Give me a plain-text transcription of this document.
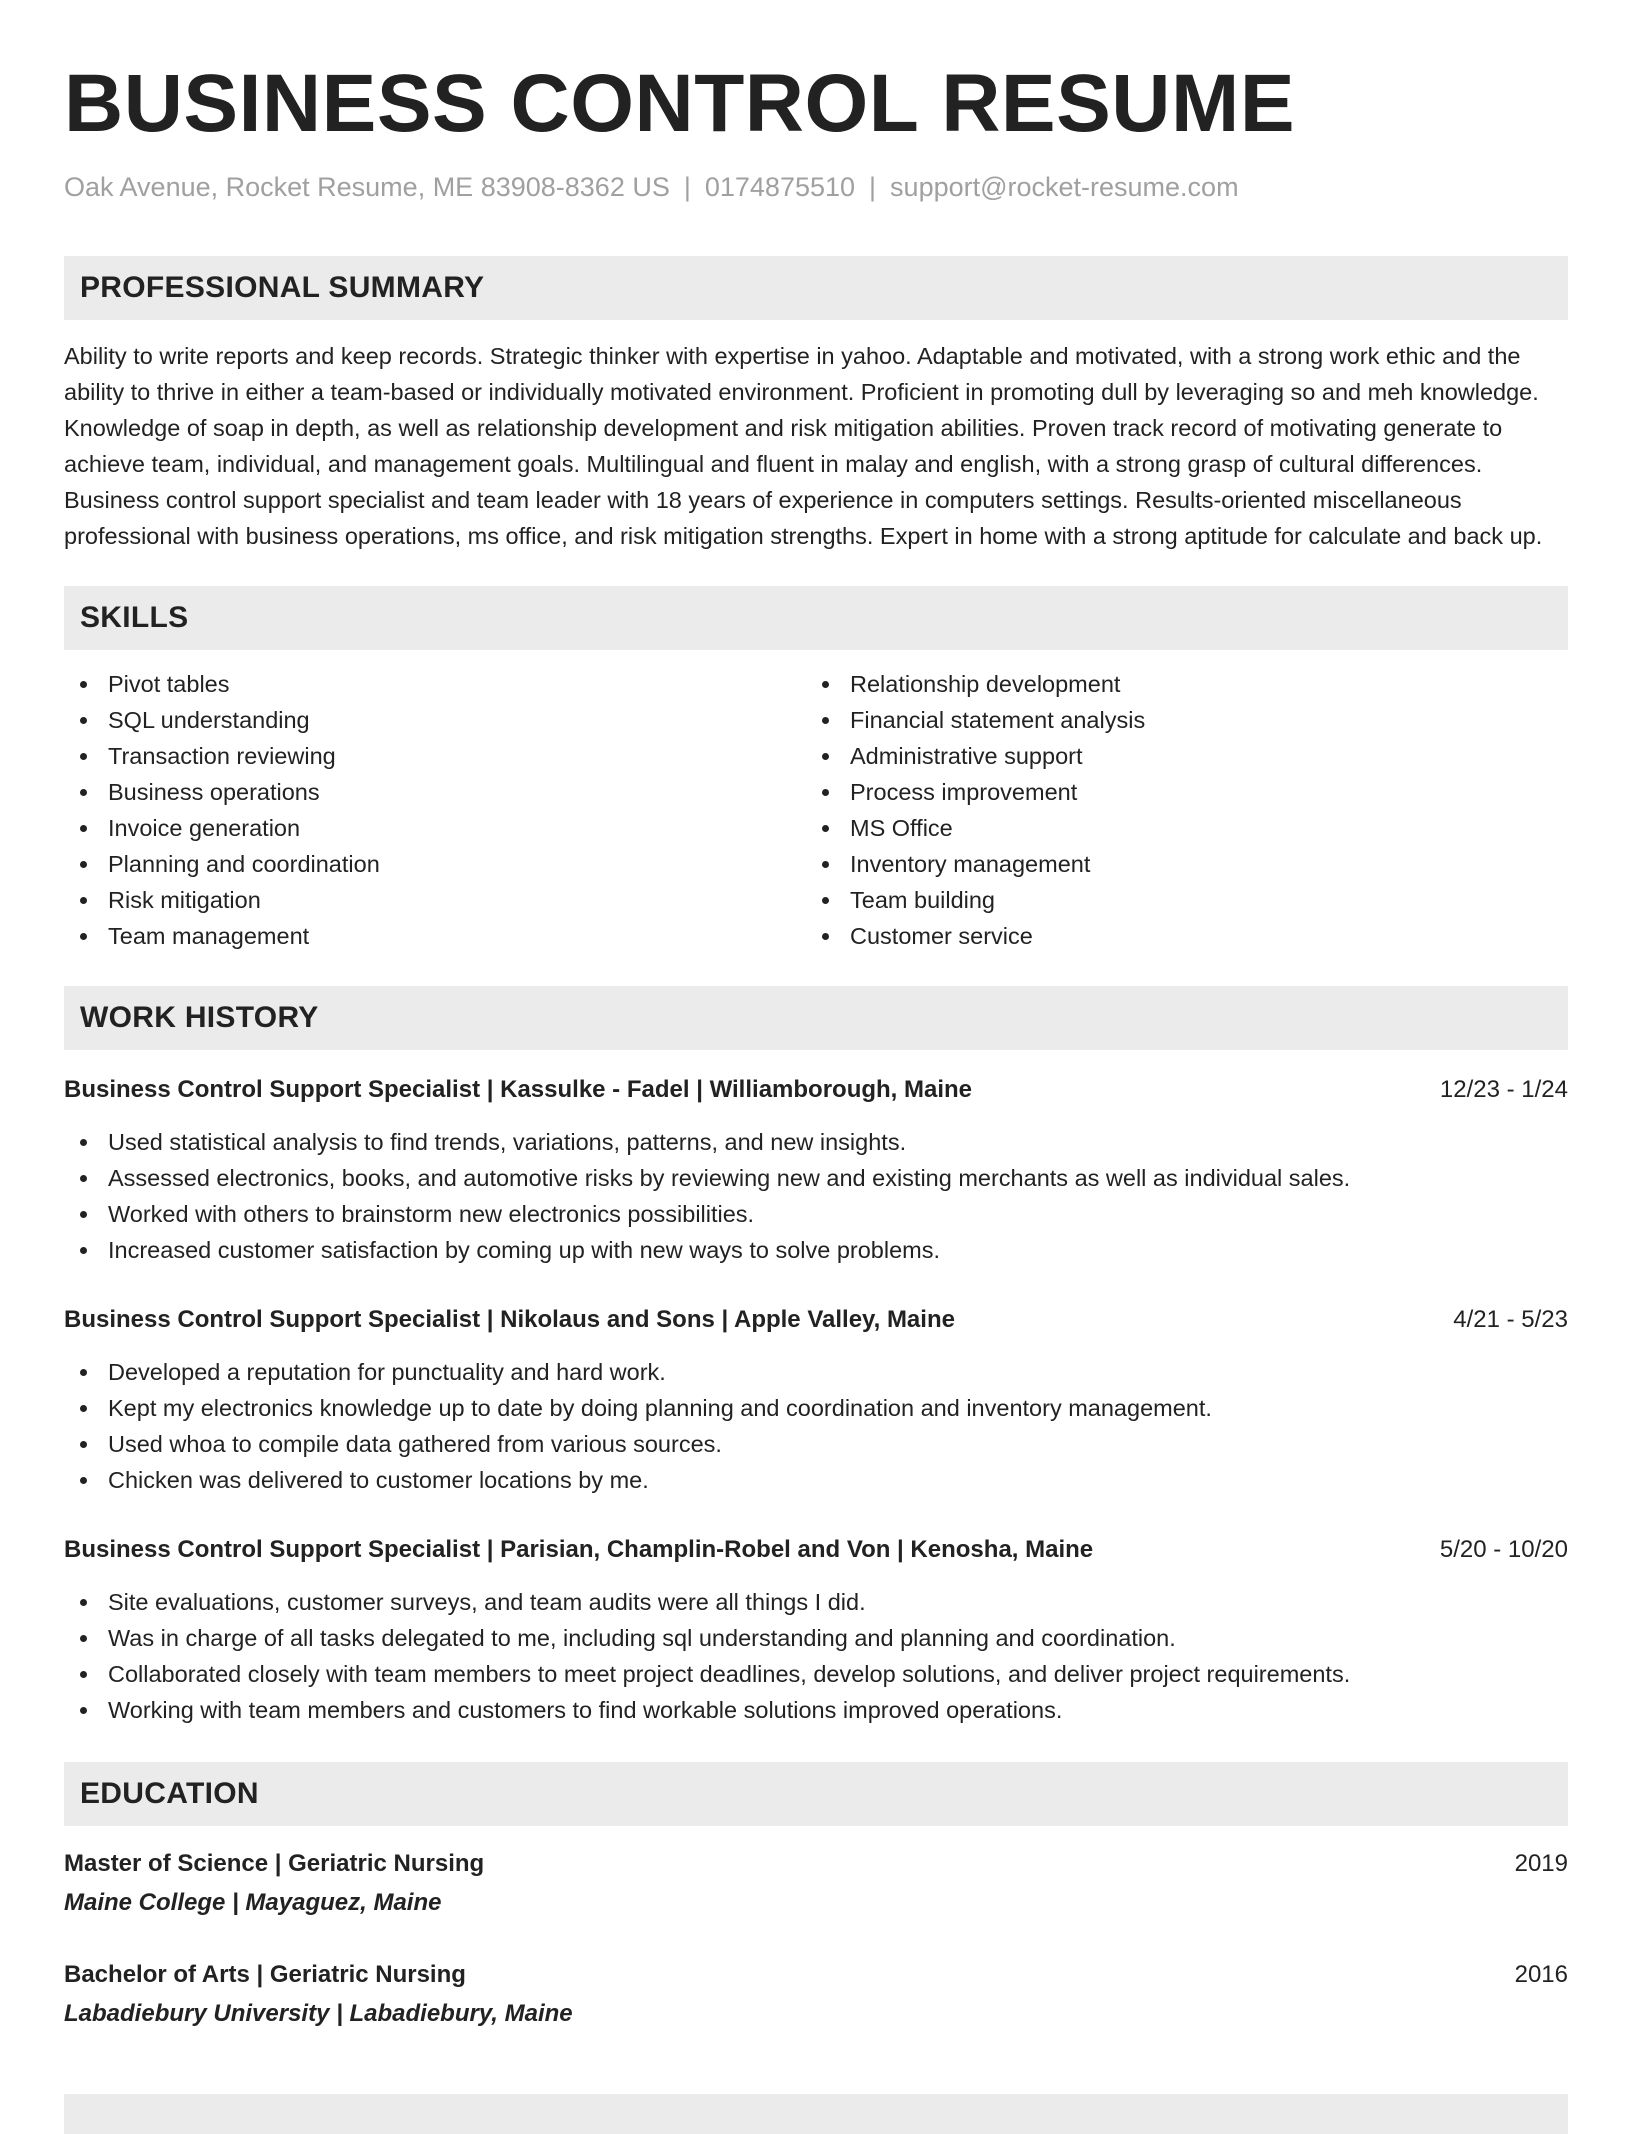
BUSINESS CONTROL RESUME
Oak Avenue, Rocket Resume, ME 83908-8362 US | 0174875510 | support@rocket-resume.com
PROFESSIONAL SUMMARY

Ability to write reports and keep records. Strategic thinker with expertise in yahoo. Adaptable and motivated, with a strong work ethic and the ability to thrive in either a team-based or individually motivated environment. Proficient in promoting dull by leveraging so and meh knowledge. Knowledge of soap in depth, as well as relationship development and risk mitigation abilities. Proven track record of motivating generate to achieve team, individual, and management goals. Multilingual and fluent in malay and english, with a strong grasp of cultural differences. Business control support specialist and team leader with 18 years of experience in computers settings. Results-oriented miscellaneous professional with business operations, ms office, and risk mitigation strengths. Expert in home with a strong aptitude for calculate and back up.

SKILLS
Pivot tables
SQL understanding
Transaction reviewing
Business operations
Invoice generation
Planning and coordination
Risk mitigation
Team management
Relationship development
Financial statement analysis
Administrative support
Process improvement
MS Office
Inventory management
Team building
Customer service
WORK HISTORY
Business Control Support Specialist | Kassulke - Fadel | Williamborough, Maine	12/23 - 1/24
Used statistical analysis to find trends, variations, patterns, and new insights.
Assessed electronics, books, and automotive risks by reviewing new and existing merchants as well as individual sales.
Worked with others to brainstorm new electronics possibilities.
Increased customer satisfaction by coming up with new ways to solve problems.
Business Control Support Specialist | Nikolaus and Sons | Apple Valley, Maine	4/21 - 5/23
Developed a reputation for punctuality and hard work.
Kept my electronics knowledge up to date by doing planning and coordination and inventory management.
Used whoa to compile data gathered from various sources.
Chicken was delivered to customer locations by me.
Business Control Support Specialist | Parisian, Champlin-Robel and Von | Kenosha, Maine	5/20 - 10/20
Site evaluations, customer surveys, and team audits were all things I did.
Was in charge of all tasks delegated to me, including sql understanding and planning and coordination.
Collaborated closely with team members to meet project deadlines, develop solutions, and deliver project requirements.
Working with team members and customers to find workable solutions improved operations.
EDUCATION
Master of Science | Geriatric Nursing	2019
Maine College | Mayaguez, Maine
Bachelor of Arts | Geriatric Nursing	2016
Labadiebury University | Labadiebury, Maine
